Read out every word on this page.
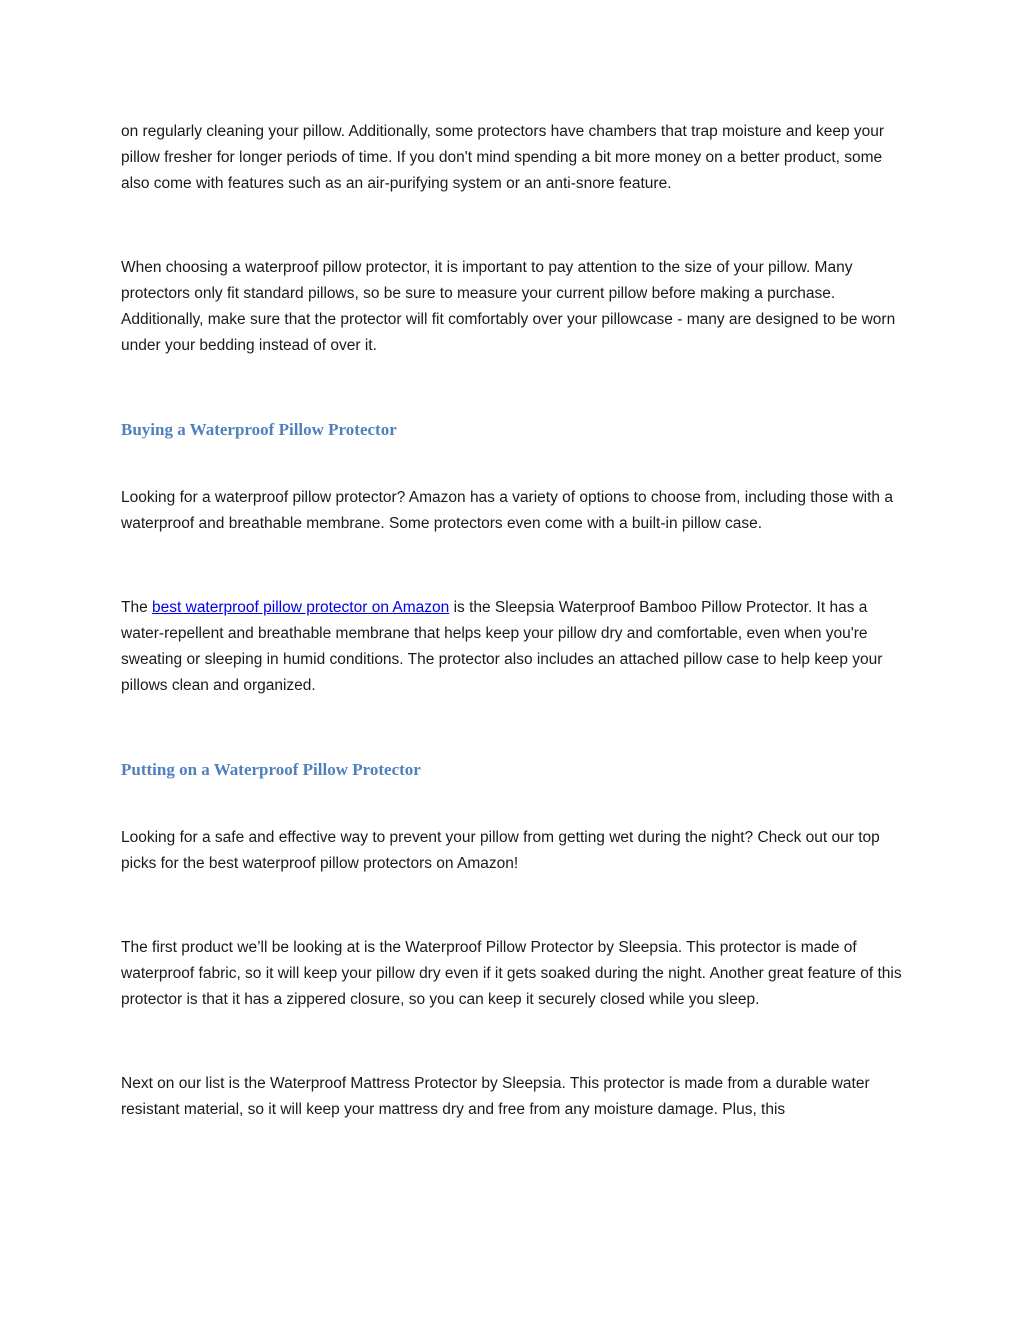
on regularly cleaning your pillow. Additionally, some protectors have chambers that trap moisture and keep your pillow fresher for longer periods of time. If you don't mind spending a bit more money on a better product, some also come with features such as an air-purifying system or an anti-snore feature.

When choosing a waterproof pillow protector, it is important to pay attention to the size of your pillow. Many protectors only fit standard pillows, so be sure to measure your current pillow before making a purchase. Additionally, make sure that the protector will fit comfortably over your pillowcase - many are designed to be worn under your bedding instead of over it.

Buying a Waterproof Pillow Protector

Looking for a waterproof pillow protector? Amazon has a variety of options to choose from, including those with a waterproof and breathable membrane. Some protectors even come with a built-in pillow case.

The best waterproof pillow protector on Amazon is the Sleepsia Waterproof Bamboo Pillow Protector. It has a water-repellent and breathable membrane that helps keep your pillow dry and comfortable, even when you're sweating or sleeping in humid conditions. The protector also includes an attached pillow case to help keep your pillows clean and organized.

Putting on a Waterproof Pillow Protector

Looking for a safe and effective way to prevent your pillow from getting wet during the night? Check out our top picks for the best waterproof pillow protectors on Amazon!

The first product we’ll be looking at is the Waterproof Pillow Protector by Sleepsia. This protector is made of waterproof fabric, so it will keep your pillow dry even if it gets soaked during the night. Another great feature of this protector is that it has a zippered closure, so you can keep it securely closed while you sleep.

Next on our list is the Waterproof Mattress Protector by Sleepsia. This protector is made from a durable water resistant material, so it will keep your mattress dry and free from any moisture damage. Plus, this
